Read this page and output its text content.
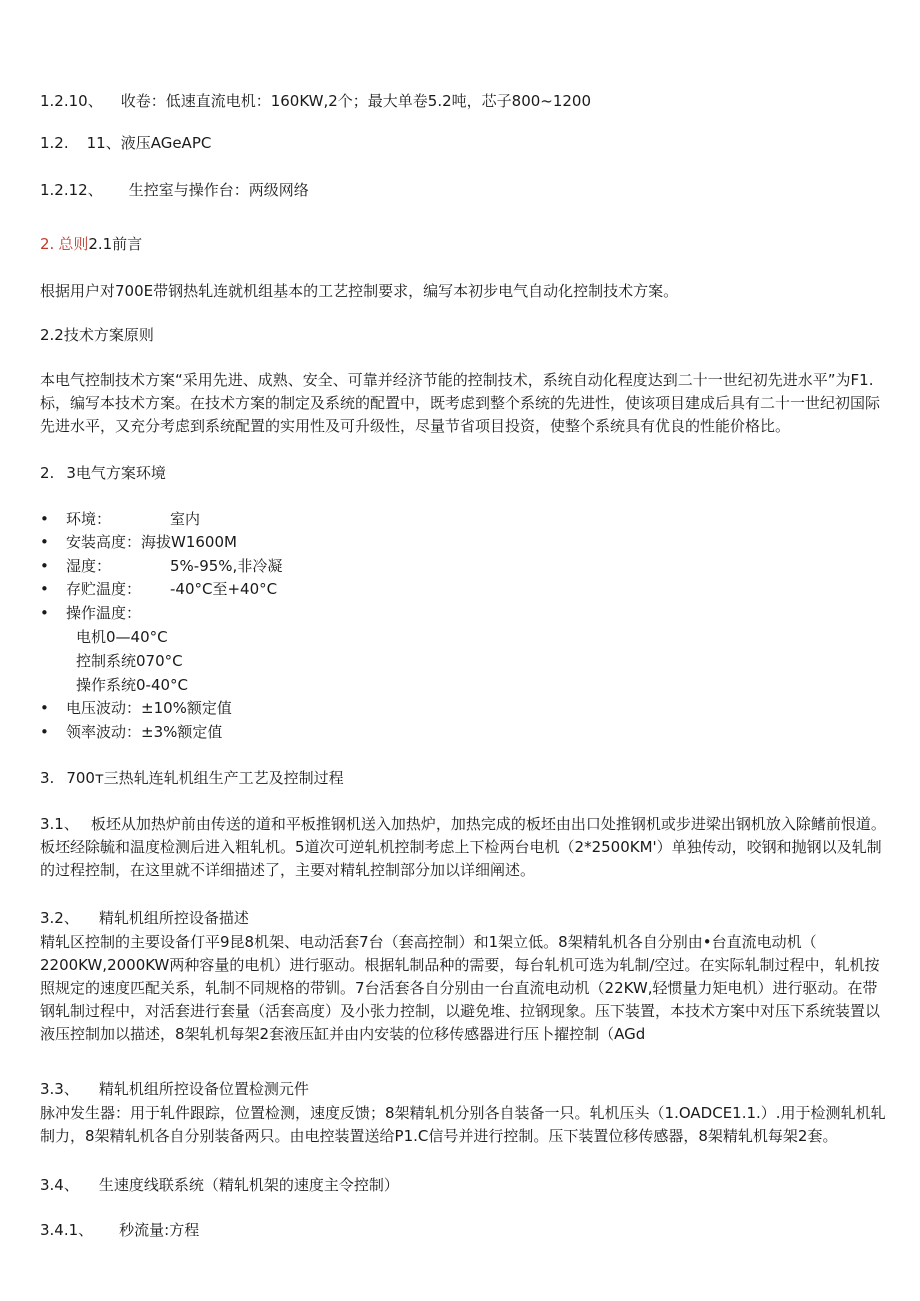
1.2.10、 收卷：低速直流电机：160KW,2个；最大单卷5.2吨，芯子800~1200
1.2. 11、液压AGeAPC
1.2.12、 生控室与操作台：两级网络
2. 总则2.1前言
根据用户对700E带钢热轧连就机组基本的工艺控制要求，编写本初步电气自动化控制技术方案。
2.2技术方案原则
本电气控制技术方案“采用先进、成熟、安全、可靠并经济节能的控制技术，系统自动化程度达到二十一世纪初先进水平”为F1.
标，编写本技术方案。在技术方案的制定及系统的配置中，既考虑到整个系统的先进性，使该项目建成后具有二十一世纪初国际
先进水平，又充分考虑到系统配置的实用性及可升级性，尽量节省项目投资，使整个系统具有优良的性能价格比。
2. 3电气方案环境
• 环境：	室内
• 安装高度：海拔W1600M
• 湿度：	5%-95%,非冷凝
• 存贮温度： -40°C至+40°C
• 操作温度：
电机0—40°C
控制系统070°C
操作系统0-40°C
• 电压波动：±10%额定值
• 领率波动：±3%额定值
3. 700т三热轧连轧机组生产工艺及控制过程
3.1、 板坯从加热炉前由传送的道和平板推钢机送入加热炉，加热完成的板坯由出口处推钢机或步进梁出钢机放入除鳍前恨道。
板坯经除毓和温度检测后进入粗轧机。5道次可逆轧机控制考虑上下检两台电机（2*2500KM'）单独传动，咬钢和抛钢以及轧制
的过程控制，在这里就不详细描述了，主要对精轧控制部分加以详细阐述。
3.2、 精轧机组所控设备描述
精轧区控制的主要设备仃平9昆8机架、电动活套7台（套高控制）和1架立低。8架精轧机各自分别由•台直流电动机（
2200KW,2000KW两种容量的电机）进行驱动。根据轧制品种的需要，每台轧机可选为轧制/空过。在实际轧制过程中，轧机按
照规定的速度匹配关系，轧制不同规格的带钏。7台活套各自分别由一台直流电动机（22KW,轻惯量力矩电机）进行驱动。在带
钢轧制过程中，对活套进行套量（活套高度）及小张力控制，以避免堆、拉钢现象。压下装置，本技术方案中对压下系统装置以
液压控制加以描述，8架轧机每架2套液压缸并由内安装的位移传感器进行压卜擢控制（AGd
3.3、 精轧机组所控设备位置检测元件
脉冲发生器：用于轧件跟踪，位置检测，速度反馈；8架精轧机分别各自装备一只。轧机压头（1.OADCE1.1.）.用于检测轧机轧
制力，8架精轧机各自分别装备两只。由电控装置送给P1.C信号并进行控制。压下装置位移传感器，8架精轧机每架2套。
3.4、 生速度线联系统（精轧机架的速度主令控制）
3.4.1、 秒流量:方程
